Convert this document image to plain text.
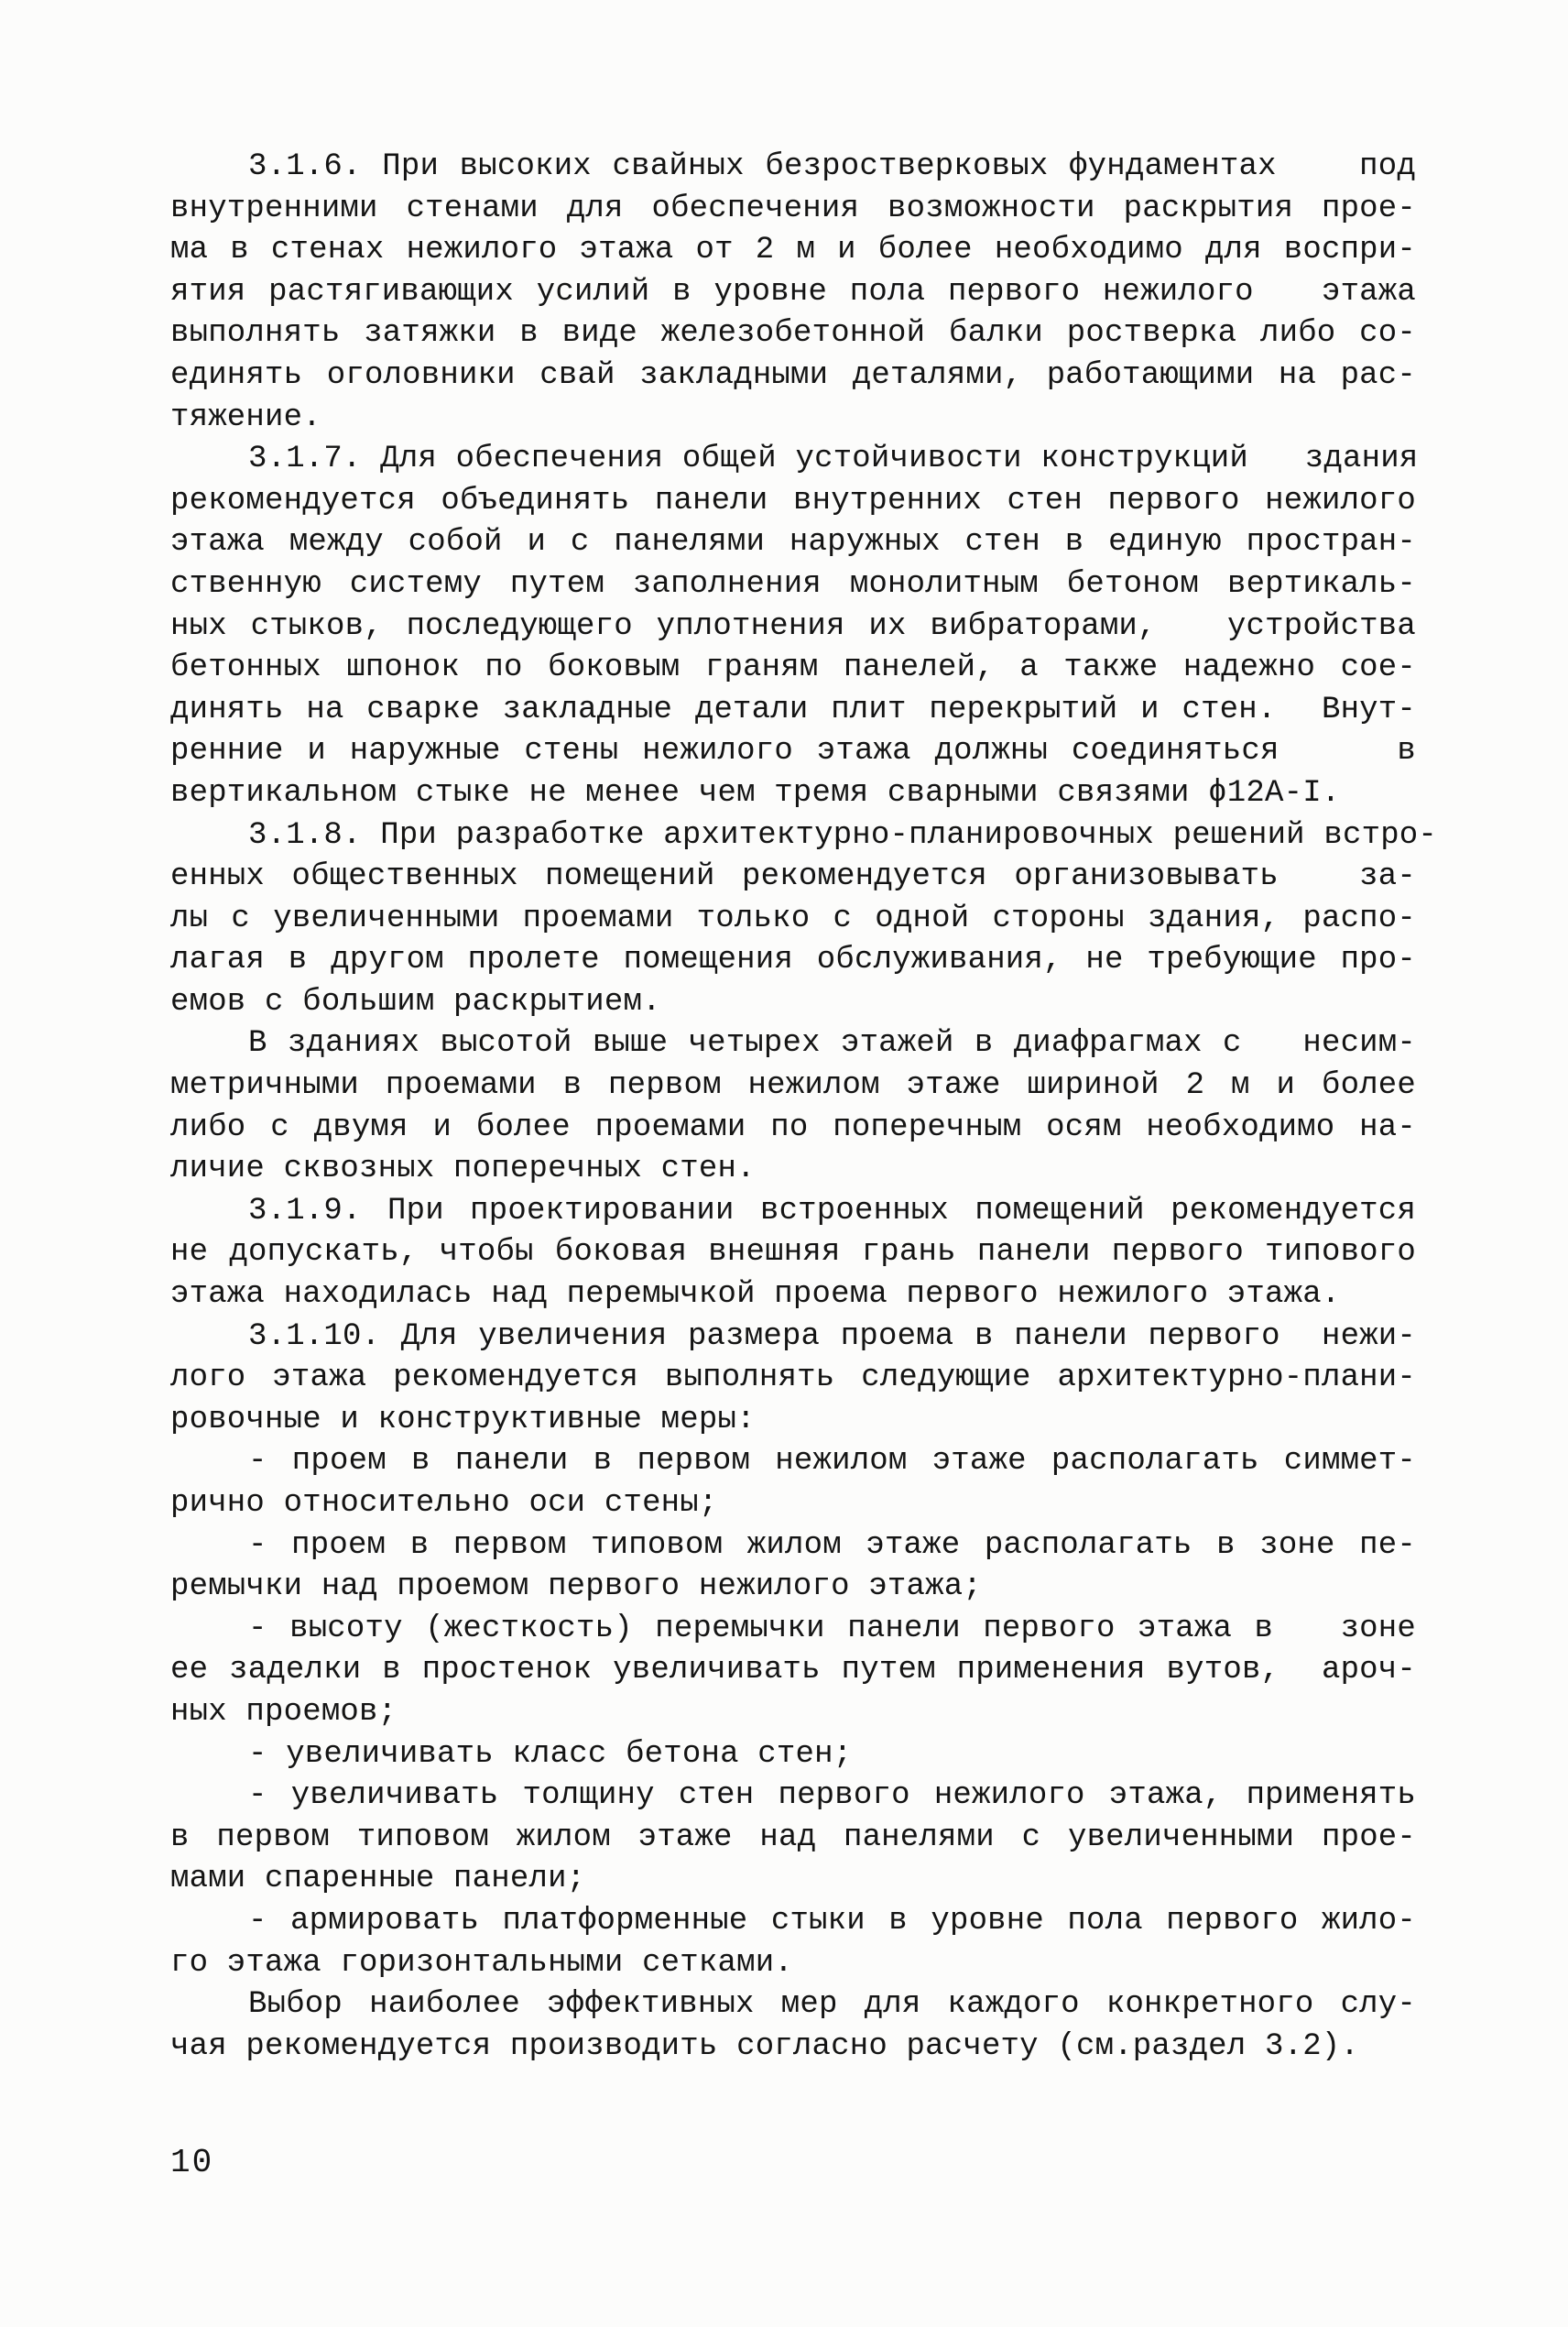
3.1.6. При высоких свайных безростверковых фундаментах    под
внутренними стенами для обеспечения возможности раскрытия прое-
ма в стенах нежилого этажа от 2 м и более необходимо для воспри-
ятия растягивающих усилий в уровне пола первого нежилого   этажа
выполнять затяжки в виде железобетонной балки ростверка либо со-
единять оголовники свай закладными деталями, работающими на рас-
тяжение.
3.1.7. Для обеспечения общей устойчивости конструкций   здания
рекомендуется объединять панели внутренних стен первого нежилого
этажа между собой и с панелями наружных стен в единую простран-
ственную систему путем заполнения монолитным бетоном вертикаль-
ных стыков, последующего уплотнения их вибраторами,   устройства
бетонных шпонок по боковым граням панелей, а также надежно сое-
динять на сварке закладные детали плит перекрытий и стен.  Внут-
ренние и наружные стены нежилого этажа должны соединяться     в
вертикальном стыке не менее чем тремя сварными связями ϕ12A-I.
3.1.8. При разработке архитектурно-планировочных решений встро-
енных общественных помещений рекомендуется организовывать   за-
лы с увеличенными проемами только с одной стороны здания, распо-
лагая в другом пролете помещения обслуживания, не требующие про-
емов с большим раскрытием.
В зданиях высотой выше четырех этажей в диафрагмах с   несим-
метричными проемами в первом нежилом этаже шириной 2 м и более
либо с двумя и более проемами по поперечным осям необходимо на-
личие сквозных поперечных стен.
3.1.9. При проектировании встроенных помещений рекомендуется
не допускать, чтобы боковая внешняя грань панели первого типового
этажа находилась над перемычкой проема первого нежилого этажа.
3.1.10. Для увеличения размера проема в панели первого  нежи-
лого этажа рекомендуется выполнять следующие архитектурно-плани-
ровочные и конструктивные меры:
- проем в панели в первом нежилом этаже располагать симмет-
рично относительно оси стены;
- проем в первом типовом жилом этаже располагать в зоне пе-
ремычки над проемом первого нежилого этажа;
- высоту (жесткость) перемычки панели первого этажа в   зоне
ее заделки в простенок увеличивать путем применения вутов,  ароч-
ных проемов;
- увеличивать класс бетона стен;
- увеличивать толщину стен первого нежилого этажа, применять
в первом типовом жилом этаже над панелями с увеличенными прое-
мами спаренные панели;
- армировать платформенные стыки в уровне пола первого жило-
го этажа горизонтальными сетками.
Выбор наиболее эффективных мер для каждого конкретного слу-
чая рекомендуется производить согласно расчету (см.раздел 3.2).
10
